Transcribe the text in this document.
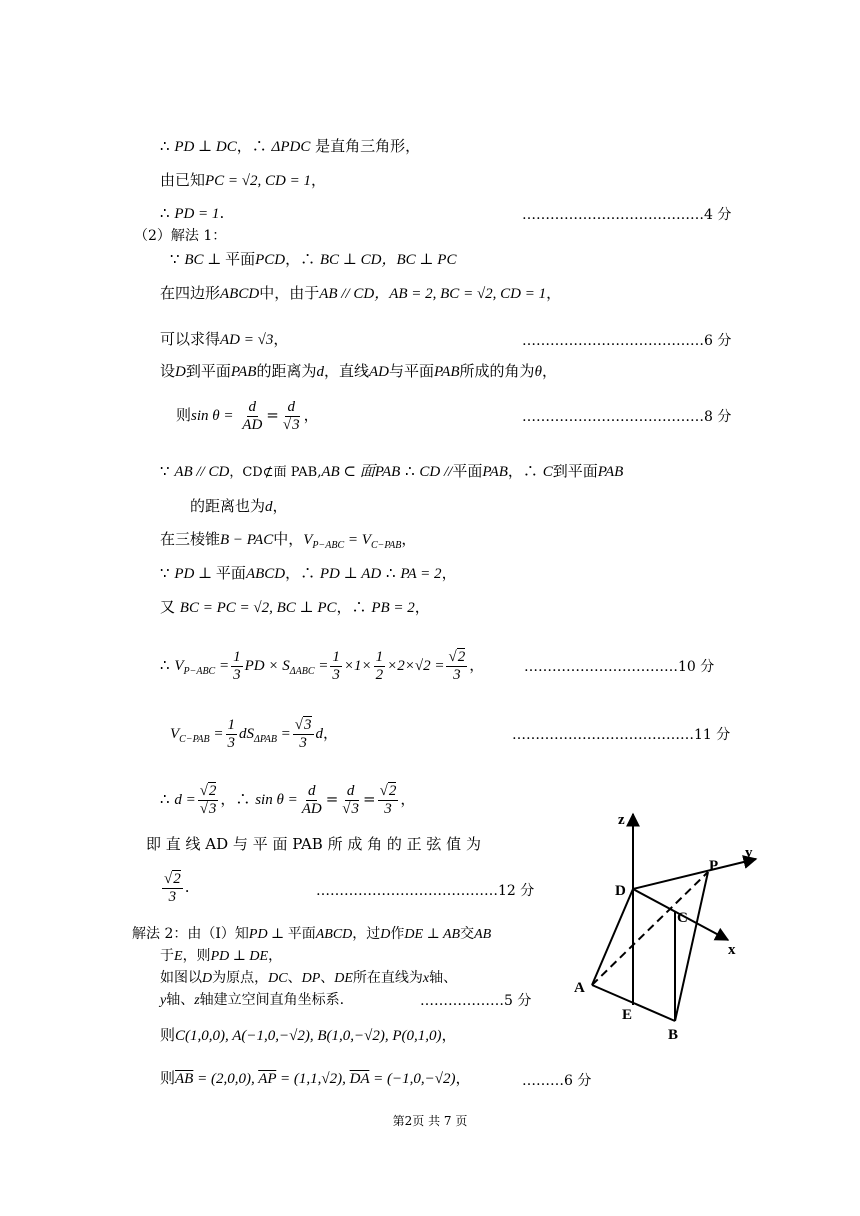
∴ PD ⊥ DC，∴ ΔPDC 是直角三角形，
由已知PC = √2, CD = 1，
∴ PD = 1.	…………………………………4 分
（2）解法 1：
∵ BC ⊥ 平面PCD，∴ BC ⊥ CD，BC ⊥ PC
在四边形ABCD中，由于AB // CD，AB = 2, BC = √2, CD = 1，
可以求得AD = √3，	…………………………………6 分
设D到平面PAB的距离为d，直线AD与平面PAB所成的角为θ，
则$\sin \theta = \frac{d}{AD} = \frac{d}{√3}$ ，	…………………………………8 分
∵ AB // CD，CD⊄面 PAB,AB ⊂ 面PAB ∴ CD //平面PAB，∴ C到平面PAB
的距离也为d，
在三棱锥B − PAC中，$V_{P-ABC} = V_{C-PAB}$，
∵ PD ⊥ 平面ABCD，∴ PD ⊥ AD ∴ PA = 2，
又 BC = PC = √2, BC ⊥ PC，∴ PB = 2，
∴ $V_{P-ABC} = \frac{1}{3}$ PD × $S_{\Delta ABC} = \frac{1}{3} \times 1\times \frac{1}{2} \times 2\times√2 = \frac{√2}{3}$ ，	……………………………10 分
$V_{C-PAB} = \frac{1}{3} dS_{\Delta PAB} = \frac{√3}{3}$ d，	…………………………………11 分
∴ $d = \frac{√2}{√3}$ ，∴ $\sin \theta = \frac{d}{AD} = \frac{d}{√3} = \frac{√2}{3}$ ，
即 直 线 AD 与 平 面 PAB 所 成 角 的 正 弦 值 为
$\frac{√2}{3}$ .	…………………………………12 分
解法 2：由（Ⅰ）知PD ⊥ 平面ABCD，过D作DE ⊥ AB交AB
于E，则PD ⊥ DE，
如图以D为原点，DC、DP、DE所在直线为x轴、
y轴、z轴建立空间直角坐标系.	………………5 分
则C(1,0,0), A(−1,0,−√2), B(1,0,−√2), P(0,1,0)，
则$\overline{AB} = (2,0,0)$, $\overline{AP} = (1,1,√2)$, $\overline{DA} = (-1,0,-√2)$，	………6 分
z
y
x
P
D
C
A
E
B
第2页 共 7 页
